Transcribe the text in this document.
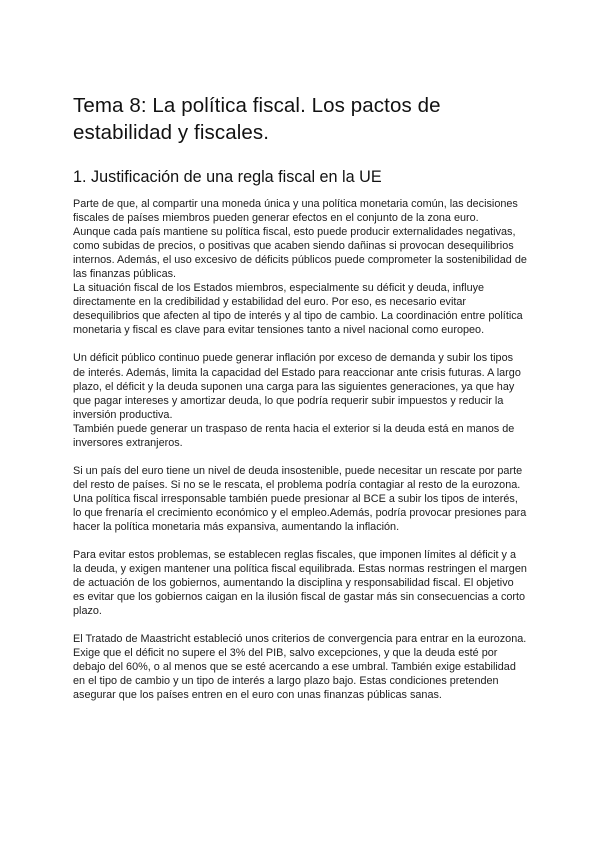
Tema 8: La política fiscal. Los pactos de
estabilidad y fiscales.
1. Justificación de una regla fiscal en la UE

Parte de que, al compartir una moneda única y una política monetaria común, las decisiones fiscales de países miembros pueden generar efectos en el conjunto de la zona euro.

Aunque cada país mantiene su política fiscal, esto puede producir externalidades negativas, como subidas de precios, o positivas que acaben siendo dañinas si provocan desequilibrios internos. Además, el uso excesivo de déficits públicos puede comprometer la sostenibilidad de las finanzas públicas.

La situación fiscal de los Estados miembros, especialmente su déficit y deuda, influye directamente en la credibilidad y estabilidad del euro. Por eso, es necesario evitar desequilibrios que afecten al tipo de interés y al tipo de cambio. La coordinación entre política monetaria y fiscal es clave para evitar tensiones tanto a nivel nacional como europeo.

Un déficit público continuo puede generar inflación por exceso de demanda y subir los tipos de interés. Además, limita la capacidad del Estado para reaccionar ante crisis futuras. A largo plazo, el déficit y la deuda suponen una carga para las siguientes generaciones, ya que hay que pagar intereses y amortizar deuda, lo que podría requerir subir impuestos y reducir la inversión productiva.

También puede generar un traspaso de renta hacia el exterior si la deuda está en manos de inversores extranjeros.

Si un país del euro tiene un nivel de deuda insostenible, puede necesitar un rescate por parte del resto de países. Si no se le rescata, el problema podría contagiar al resto de la eurozona. Una política fiscal irresponsable también puede presionar al BCE a subir los tipos de interés, lo que frenaría el crecimiento económico y el empleo.Además, podría provocar presiones para hacer la política monetaria más expansiva, aumentando la inflación.

Para evitar estos problemas, se establecen reglas fiscales, que imponen límites al déficit y a la deuda, y exigen mantener una política fiscal equilibrada. Estas normas restringen el margen de actuación de los gobiernos, aumentando la disciplina y responsabilidad fiscal. El objetivo es evitar que los gobiernos caigan en la ilusión fiscal de gastar más sin consecuencias a corto plazo.

El Tratado de Maastricht estableció unos criterios de convergencia para entrar en la eurozona. Exige que el déficit no supere el 3% del PIB, salvo excepciones, y que la deuda esté por debajo del 60%, o al menos que se esté acercando a ese umbral. También exige estabilidad en el tipo de cambio y un tipo de interés a largo plazo bajo. Estas condiciones pretenden asegurar que los países entren en el euro con unas finanzas públicas sanas.
